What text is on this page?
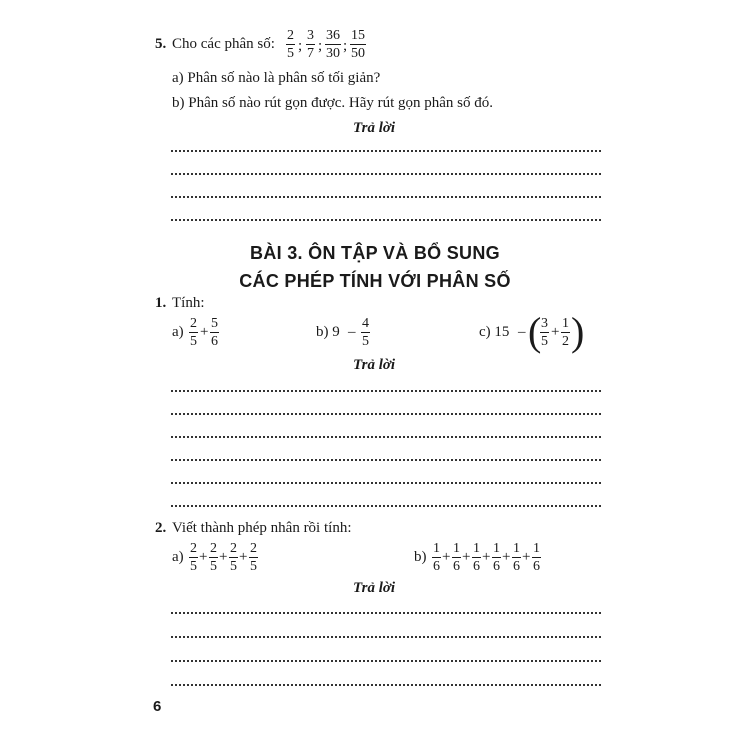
5. Cho các phân số: $\frac{2}{5}$ ; $\frac{3}{7}$ ; $\frac{36}{30}$ ; $\frac{15}{50}$
a) Phân số nào là phân số tối giản?
b) Phân số nào rút gọn được. Hãy rút gọn phân số đó.
Trả lời
BÀI 3. ÔN TẬP VÀ BỔ SUNG
CÁC PHÉP TÍNH VỚI PHÂN SỐ
1. Tính:
$a) \frac{2}{5} + \frac{5}{6}$	b) $9 - \frac{4}{5}$	c) 15 – (
$\frac{3}{5} + \frac{1}{2}$ )
Trả lời
2. Viết thành phép nhân rồi tính:
$a) \frac{2}{5} + \frac{2}{5} + \frac{2}{5} + \frac{2}{5}$	$b) \frac{1}{6} + \frac{1}{6} + \frac{1}{6} + \frac{1}{6} + \frac{1}{6} + \frac{1}{6}$
Trả lời
6
